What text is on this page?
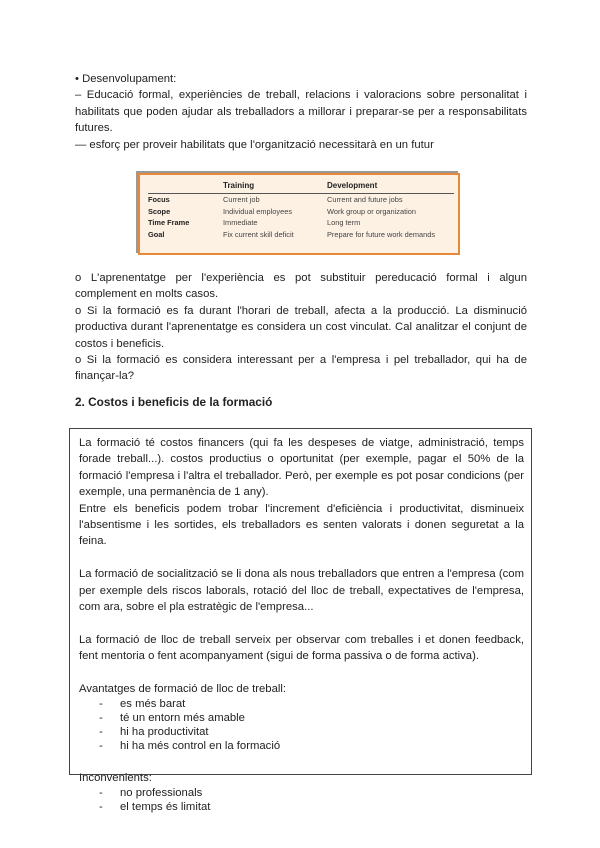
• Desenvolupament:

– Educació formal, experiències de treball, relacions i valoracions sobre personalitat i habilitats que poden ajudar als treballadors a millorar i preparar-se per a responsabilitats futures.

— esforç per proveir habilitats que l'organització necessitarà en un futur

	Training	Development
Focus	Current job	Current and future jobs
Scope	Individual employees	Work group or organization
Time Frame	Immediate	Long term
Goal	Fix current skill deficit	Prepare for future work demands

o L'aprenentatge per l'experiència es pot substituir pereducació formal i algun complement en molts casos.

o Si la formació es fa durant l'horari de treball, afecta a la producció. La disminució productiva durant l'aprenentatge es considera un cost vinculat. Cal analitzar el conjunt de costos i beneficis.

o Si la formació es considera interessant per a l'empresa i pel treballador, qui ha de finançar-la?

2. Costos i beneficis de la formació

La formació té costos financers (qui fa les despeses de viatge, administració, temps forade treball...). costos productius o oportunitat (per exemple, pagar el 50% de la formació l'empresa i l'altra el treballador. Però, per exemple es pot posar condicions (per exemple, una permanència de 1 any).

Entre els beneficis podem trobar l'increment d'eficiència i productivitat, disminueix l'absentisme i les sortides, els treballadors es senten valorats i donen seguretat a la feina.

La formació de socialització se li dona als nous treballadors que entren a l'empresa (com per exemple dels riscos laborals, rotació del lloc de treball, expectatives de l'empresa, com ara, sobre el pla estratègic de l'empresa...

La formació de lloc de treball serveix per observar com treballes i et donen feedback, fent mentoria o fent acompanyament (sigui de forma passiva o de forma activa).

Avantatges de formació de lloc de treball:

- es més barat
- té un entorn més amable
- hi ha productivitat
- hi ha més control en la formació

Inconvenients:

- no professionals
- el temps és limitat
